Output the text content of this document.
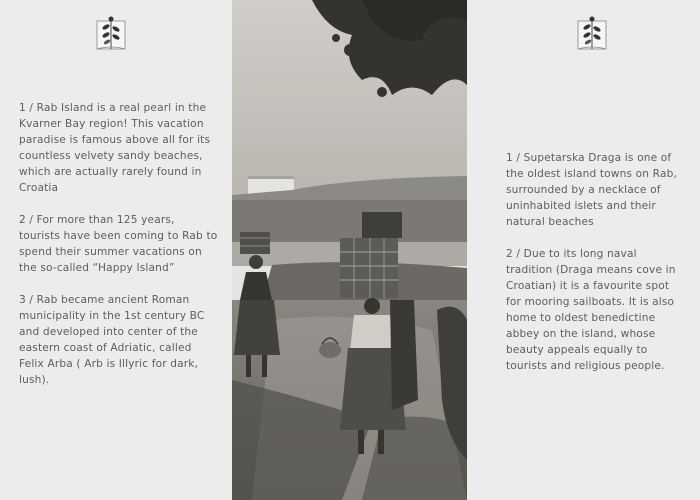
1 / Rab Island is a real pearl in the Kvarner Bay region! This vacation paradise is famous above all for its countless velvety sandy beaches, which are actually rarely found in Croatia

2 / For more than 125 years, tourists have been coming to Rab to spend their summer vacations on the so-called “Happy Island”

3 / Rab became ancient Roman municipality in the 1st century BC and developed into center of the eastern coast of Adriatic, called Felix Arba ( Arb is Illyric for dark, lush).

1 / Supetarska Draga is one of the oldest island towns on Rab, surrounded by a necklace of uninhabited islets and their natural beaches

2 / Due to its long naval tradition (Draga means cove in Croatian) it is a favourite spot for mooring sailboats. It is also home to oldest benedictine abbey on the island, whose beauty appeals equally to tourists and religious people.
